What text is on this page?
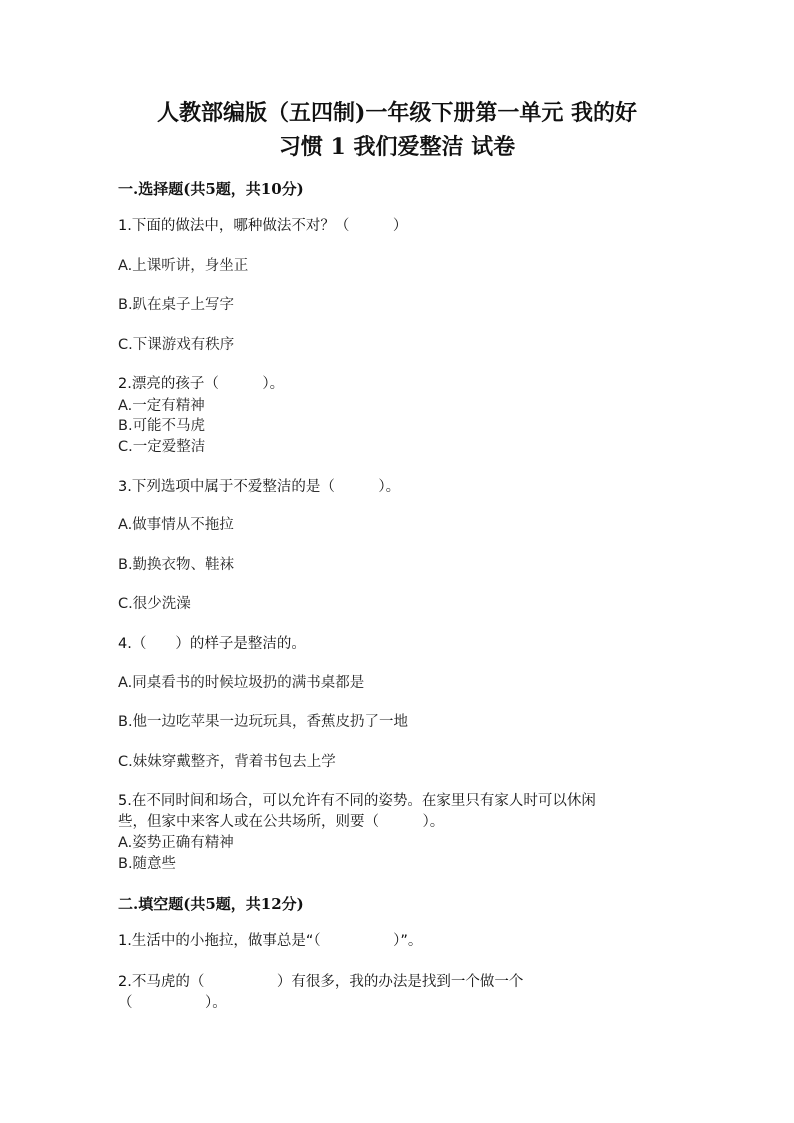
人教部编版（五四制)一年级下册第一单元 我的好
习惯 1 我们爱整洁 试卷
一.选择题(共5题，共10分)
1.下面的做法中，哪种做法不对？（　　　）
A.上课听讲，身坐正
B.趴在桌子上写字
C.下课游戏有秩序
2.漂亮的孩子（　　　）。
A.一定有精神
B.可能不马虎
C.一定爱整洁
3.下列选项中属于不爱整洁的是（　　　）。
A.做事情从不拖拉
B.勤换衣物、鞋袜
C.很少洗澡
4.（　　）的样子是整洁的。
A.同桌看书的时候垃圾扔的满书桌都是
B.他一边吃苹果一边玩玩具，香蕉皮扔了一地
C.妹妹穿戴整齐，背着书包去上学
5.在不同时间和场合，可以允许有不同的姿势。在家里只有家人时可以休闲
些，但家中来客人或在公共场所，则要（　　　）。
A.姿势正确有精神
B.随意些
二.填空题(共5题，共12分)
1.生活中的小拖拉，做事总是“（　　　　　）”。
2.不马虎的（　　　　　）有很多，我的办法是找到一个做一个
（　　　　　）。
